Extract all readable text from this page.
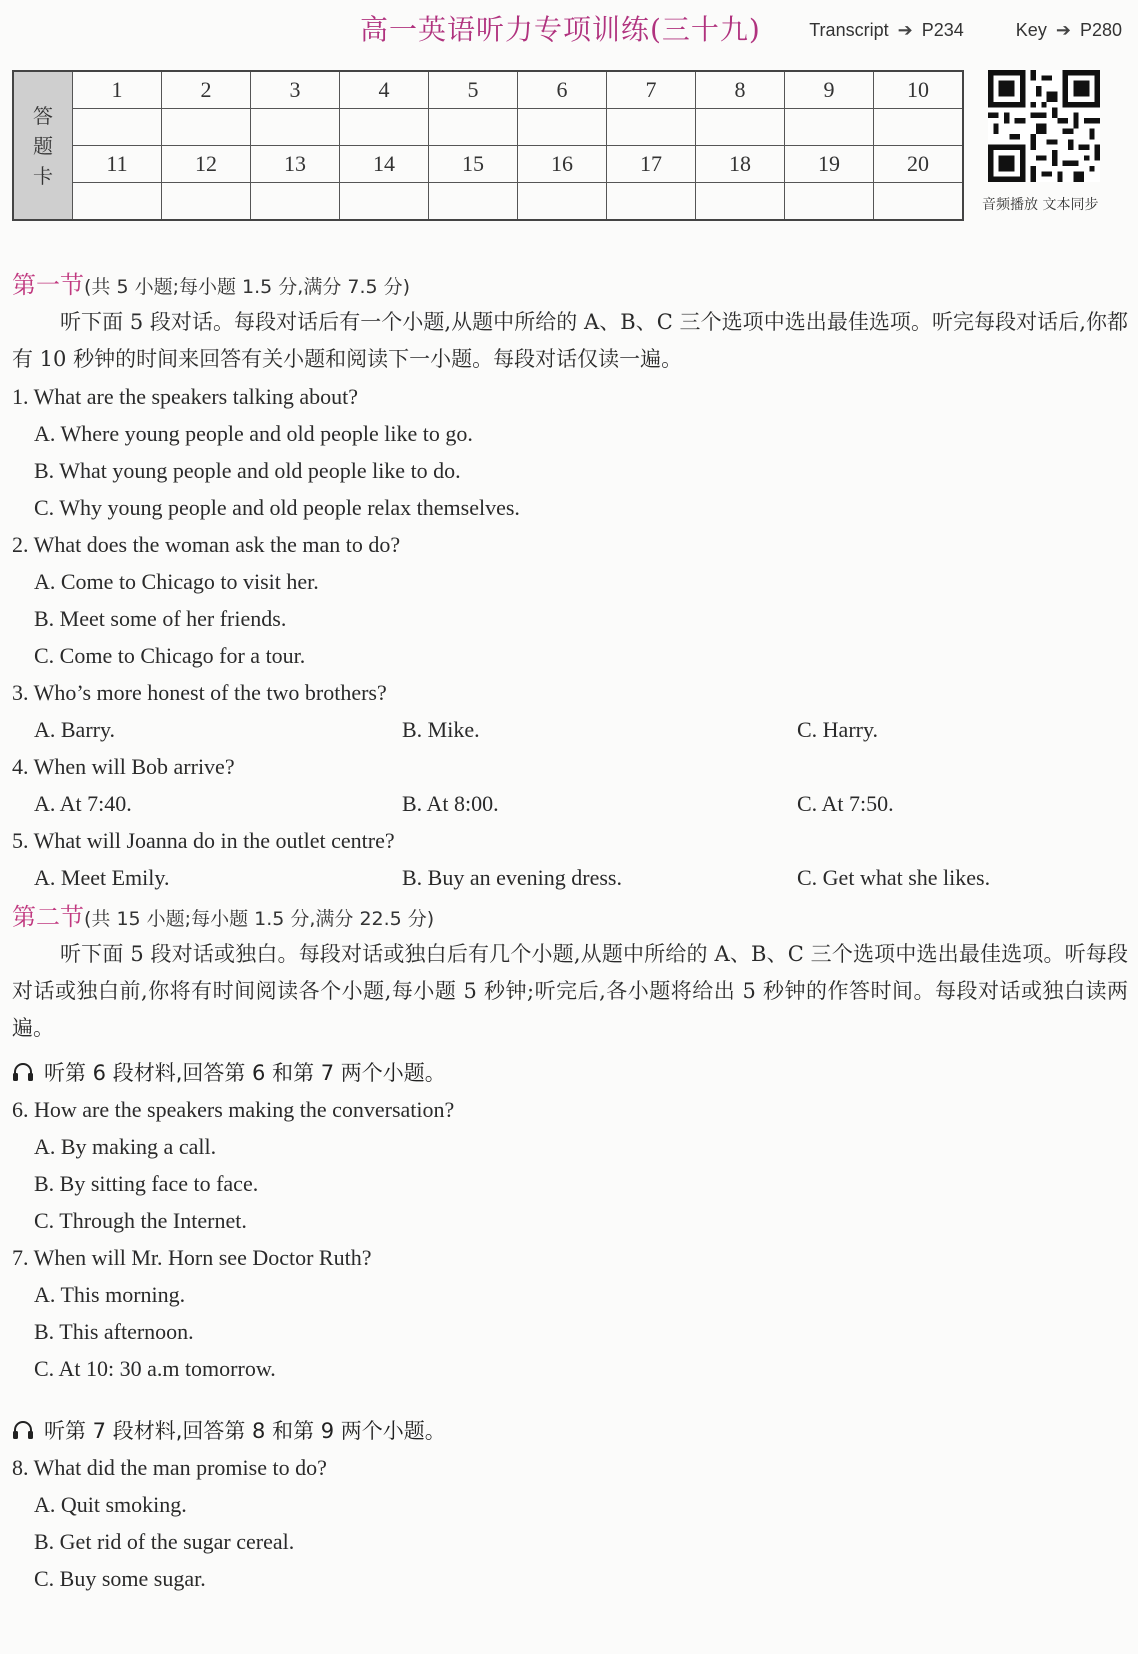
高一英语听力专项训练(三十九)	Transcript ➔ P234	Key ➔ P280
答
题
卡	1	2	3	4	5	6	7	8	9	10

	11	12	13	14	15	16	17	18	19	20

音频播放 文本同步
第一节(共 5 小题;每小题 1.5 分,满分 7.5 分)

听下面 5 段对话。每段对话后有一个小题,从题中所给的 A、B、C 三个选项中选出最佳选项。听完每段对话后,你都有 10 秒钟的时间来回答有关小题和阅读下一小题。每段对话仅读一遍。

1. What are the speakers talking about?

A. Where young people and old people like to go.

B. What young people and old people like to do.

C. Why young people and old people relax themselves.

2. What does the woman ask the man to do?

A. Come to Chicago to visit her.

B. Meet some of her friends.

C. Come to Chicago for a tour.

3. Who’s more honest of the two brothers?

A. Barry.	B. Mike.	C. Harry.

4. When will Bob arrive?

A. At 7:40.	B. At 8:00.	C. At 7:50.

5. What will Joanna do in the outlet centre?

A. Meet Emily.	B. Buy an evening dress.	C. Get what she likes.
第二节(共 15 小题;每小题 1.5 分,满分 22.5 分)

听下面 5 段对话或独白。每段对话或独白后有几个小题,从题中所给的 A、B、C 三个选项中选出最佳选项。听每段对话或独白前,你将有时间阅读各个小题,每小题 5 秒钟;听完后,各小题将给出 5 秒钟的作答时间。每段对话或独白读两遍。

听第 6 段材料,回答第 6 和第 7 两个小题。

6. How are the speakers making the conversation?

A. By making a call.

B. By sitting face to face.

C. Through the Internet.

7. When will Mr. Horn see Doctor Ruth?

A. This morning.

B. This afternoon.

C. At 10: 30 a.m tomorrow.

听第 7 段材料,回答第 8 和第 9 两个小题。

8. What did the man promise to do?

A. Quit smoking.

B. Get rid of the sugar cereal.

C. Buy some sugar.
